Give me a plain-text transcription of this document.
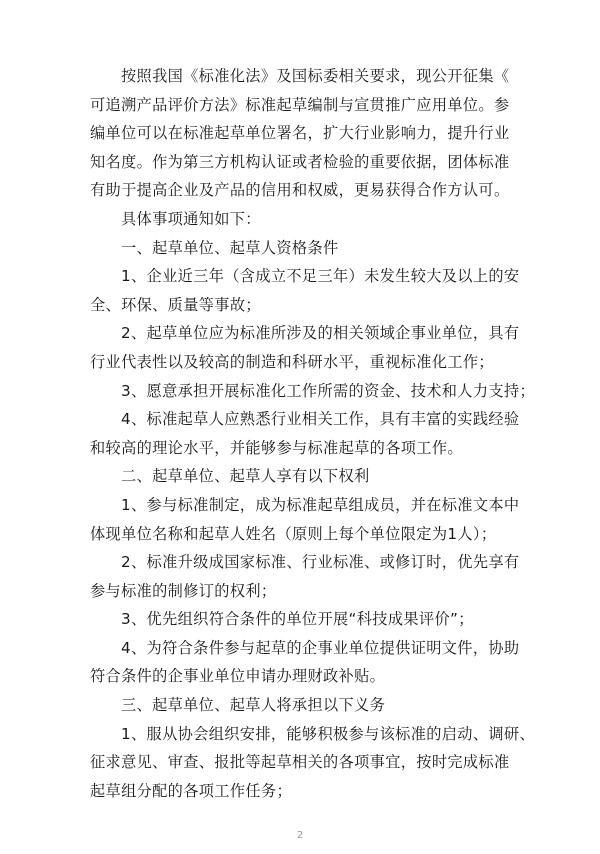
按照我国《标准化法》及国标委相关要求，现公开征集《
可追溯产品评价方法》标准起草编制与宣贯推广应用单位。参
编单位可以在标准起草单位署名，扩大行业影响力，提升行业
知名度。作为第三方机构认证或者检验的重要依据，团体标准
有助于提高企业及产品的信用和权威，更易获得合作方认可。
具体事项通知如下：
一、起草单位、起草人资格条件
1、企业近三年（含成立不足三年）未发生较大及以上的安
全、环保、质量等事故；
2、起草单位应为标准所涉及的相关领域企事业单位，具有
行业代表性以及较高的制造和科研水平，重视标准化工作；
3、愿意承担开展标准化工作所需的资金、技术和人力支持；
4、标准起草人应熟悉行业相关工作，具有丰富的实践经验
和较高的理论水平，并能够参与标准起草的各项工作。
二、起草单位、起草人享有以下权利
1、参与标准制定，成为标准起草组成员，并在标准文本中
体现单位名称和起草人姓名（原则上每个单位限定为1人）；
2、标准升级成国家标准、行业标准、或修订时，优先享有
参与标准的制修订的权利；
3、优先组织符合条件的单位开展“科技成果评价”；
4、为符合条件参与起草的企事业单位提供证明文件，协助
符合条件的企事业单位申请办理财政补贴。
三、起草单位、起草人将承担以下义务
1、服从协会组织安排，能够积极参与该标准的启动、调研、
征求意见、审查、报批等起草相关的各项事宜，按时完成标准
起草组分配的各项工作任务；
2
